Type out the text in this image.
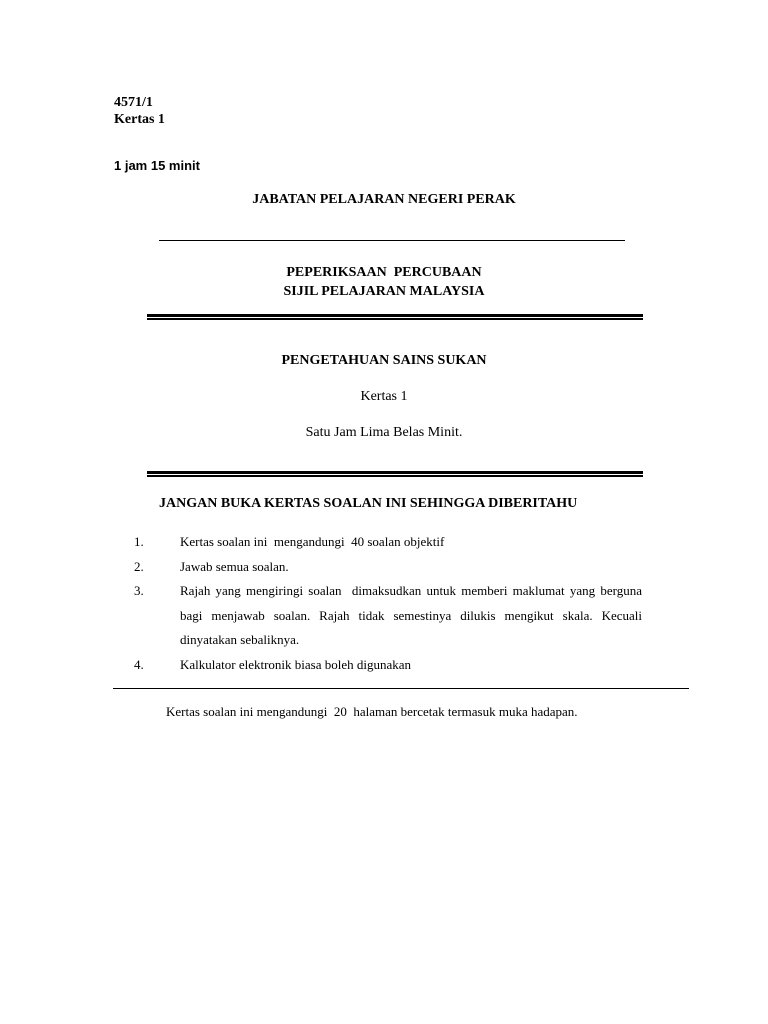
4571/1
Kertas 1
1 jam 15 minit
JABATAN PELAJARAN NEGERI PERAK
PEPERIKSAAN  PERCUBAAN
SIJIL PELAJARAN MALAYSIA
PENGETAHUAN SAINS SUKAN
Kertas 1
Satu Jam Lima Belas Minit.
JANGAN BUKA KERTAS SOALAN INI SEHINGGA DIBERITAHU
1.	Kertas soalan ini  mengandungi  40 soalan objektif
2.	Jawab semua soalan.
3.	Rajah yang mengiringi soalan  dimaksudkan untuk memberi maklumat yang berguna bagi menjawab soalan. Rajah tidak semestinya dilukis mengikut skala. Kecuali dinyatakan sebaliknya.
4.	Kalkulator elektronik biasa boleh digunakan
Kertas soalan ini mengandungi  20  halaman bercetak termasuk muka hadapan.
